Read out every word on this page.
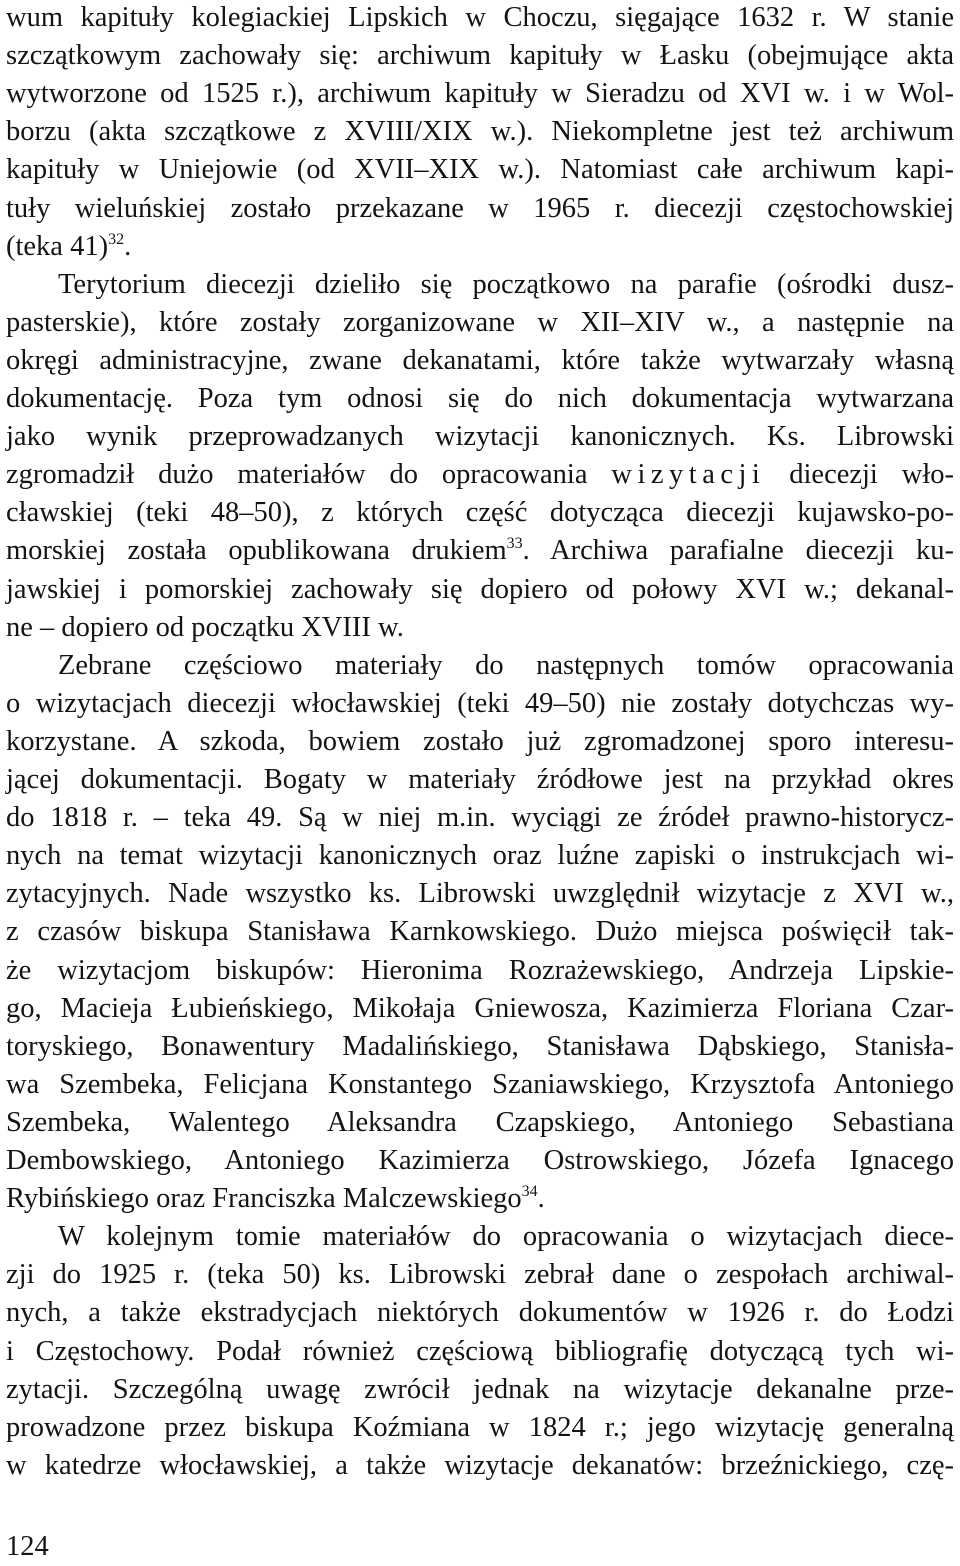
wum kapituły kolegiackiej Lipskich w Choczu, sięgające 1632 r. W stanie
szczątkowym zachowały się: archiwum kapituły w Łasku (obejmujące akta
wytworzone od 1525 r.), archiwum kapituły w Sieradzu od XVI w. i w Wol-
borzu (akta szczątkowe z XVIII/XIX w.). Niekompletne jest też archiwum
kapituły w Uniejowie (od XVII–XIX w.). Natomiast całe archiwum kapi-
tuły wieluńskiej zostało przekazane w 1965 r. diecezji częstochowskiej
(teka 41)$^{32}$.
Terytorium diecezji dzieliło się początkowo na parafie (ośrodki dusz-
pasterskie), które zostały zorganizowane w XII–XIV w., a następnie na
okręgi administracyjne, zwane dekanatami, które także wytwarzały własną
dokumentację. Poza tym odnosi się do nich dokumentacja wytwarzana
jako wynik przeprowadzanych wizytacji kanonicznych. Ks. Librowski
zgromadził dużo materiałów do opracowania wizytacji diecezji wło-
cławskiej (teki 48–50), z których część dotycząca diecezji kujawsko-po-
morskiej została opublikowana drukiem$^{33}$. Archiwa parafialne diecezji ku-
jawskiej i pomorskiej zachowały się dopiero od połowy XVI w.; dekanal-
ne – dopiero od początku XVIII w.
Zebrane częściowo materiały do następnych tomów opracowania
o wizytacjach diecezji włocławskiej (teki 49–50) nie zostały dotychczas wy-
korzystane. A szkoda, bowiem zostało już zgromadzonej sporo interesu-
jącej dokumentacji. Bogaty w materiały źródłowe jest na przykład okres
do 1818 r. – teka 49. Są w niej m.in. wyciągi ze źródeł prawno-historycz-
nych na temat wizytacji kanonicznych oraz luźne zapiski o instrukcjach wi-
zytacyjnych. Nade wszystko ks. Librowski uwzględnił wizytacje z XVI w.,
z czasów biskupa Stanisława Karnkowskiego. Dużo miejsca poświęcił tak-
że wizytacjom biskupów: Hieronima Rozrażewskiego, Andrzeja Lipskie-
go, Macieja Łubieńskiego, Mikołaja Gniewosza, Kazimierza Floriana Czar-
toryskiego, Bonawentury Madalińskiego, Stanisława Dąbskiego, Stanisła-
wa Szembeka, Felicjana Konstantego Szaniawskiego, Krzysztofa Antoniego
Szembeka, Walentego Aleksandra Czapskiego, Antoniego Sebastiana
Dembowskiego, Antoniego Kazimierza Ostrowskiego, Józefa Ignacego
Rybińskiego oraz Franciszka Malczewskiego$^{34}$.
W kolejnym tomie materiałów do opracowania o wizytacjach diece-
zji do 1925 r. (teka 50) ks. Librowski zebrał dane o zespołach archiwal-
nych, a także ekstradycjach niektórych dokumentów w 1926 r. do Łodzi
i Częstochowy. Podał również częściową bibliografię dotyczącą tych wi-
zytacji. Szczególną uwagę zwrócił jednak na wizytacje dekanalne prze-
prowadzone przez biskupa Koźmiana w 1824 r.; jego wizytację generalną
w katedrze włocławskiej, a także wizytacje dekanatów: brzeźnickiego, czę-
124
